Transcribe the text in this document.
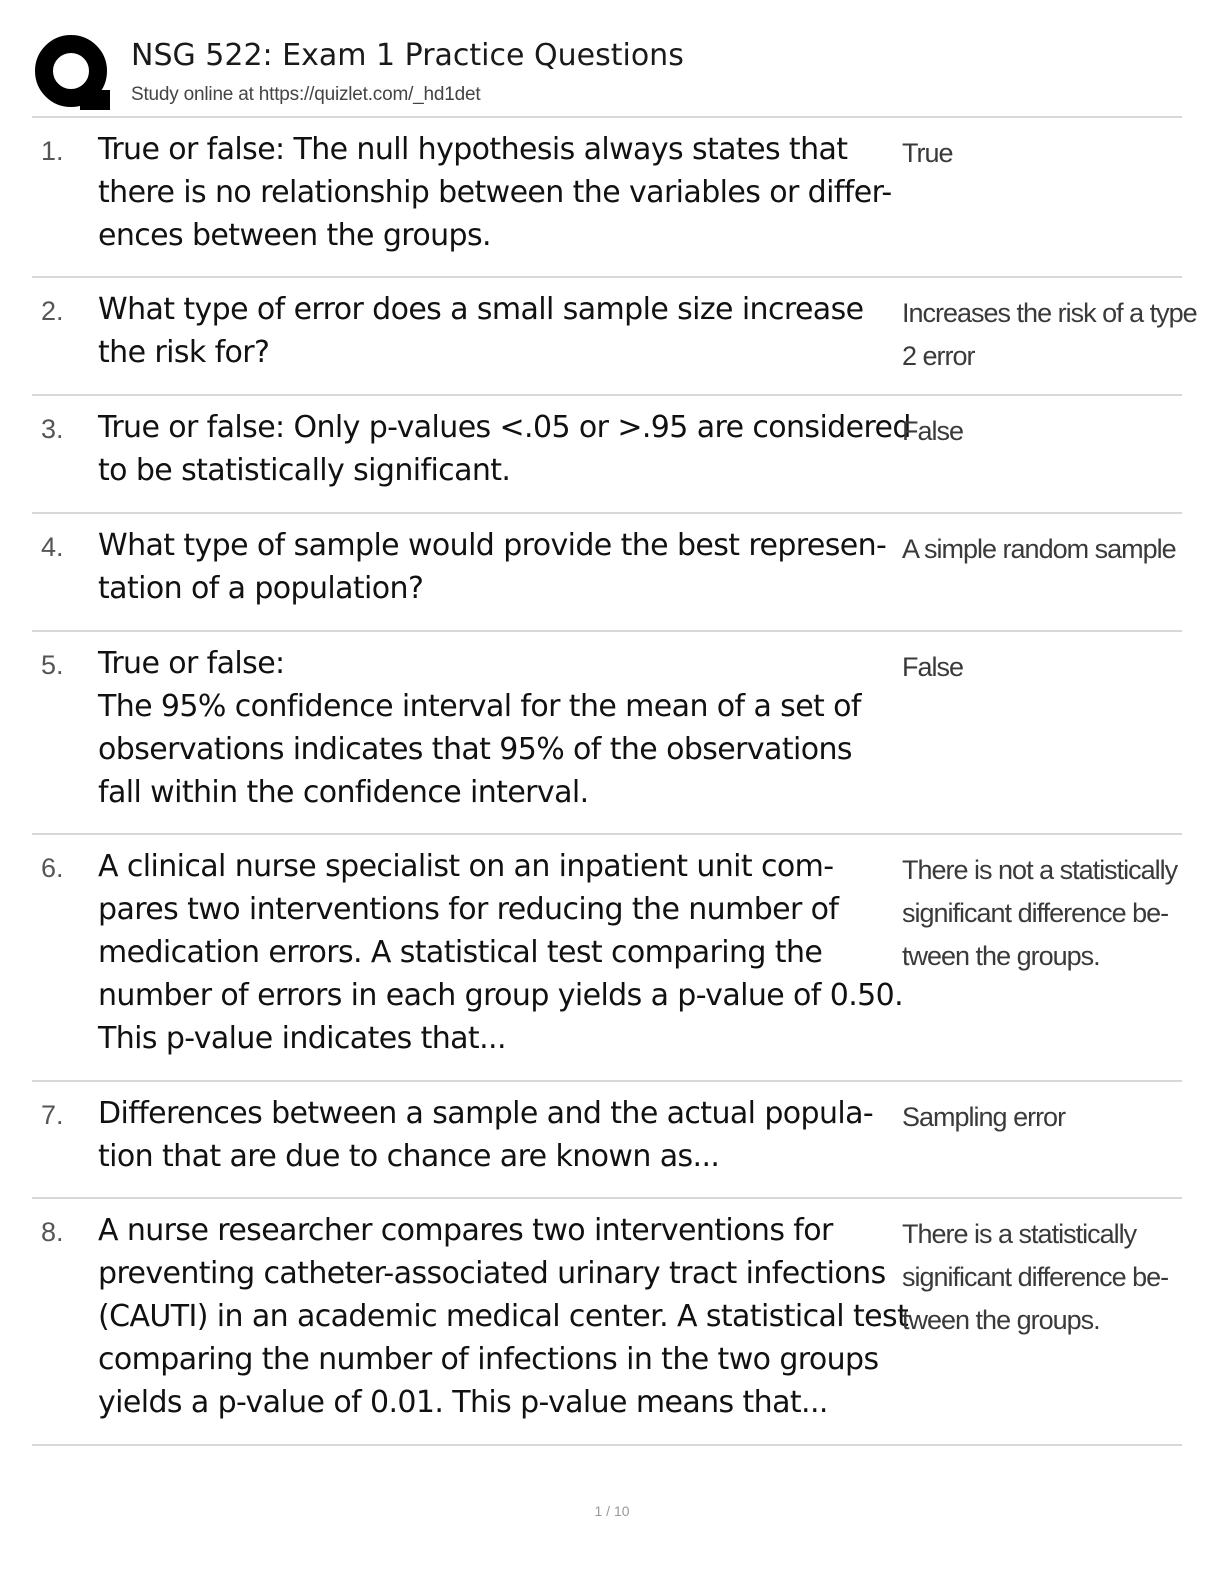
NSG 522: Exam 1 Practice Questions
Study online at https://quizlet.com/_hd1det
1. True or false: The null hypothesis always states that
there is no relationship between the variables or differ-
ences between the groups.
True
2. What type of error does a small sample size increase
the risk for?
Increases the risk of a type
2 error
3. True or false: Only p-values <.05 or >.95 are considered
to be statistically significant.
False
4. What type of sample would provide the best represen-
tation of a population?
A simple random sample
5. True or false:
The 95% confidence interval for the mean of a set of
observations indicates that 95% of the observations
fall within the confidence interval.
False
6. A clinical nurse specialist on an inpatient unit com-
pares two interventions for reducing the number of
medication errors. A statistical test comparing the
number of errors in each group yields a p-value of 0.50.
This p-value indicates that...
There is not a statistically
significant difference be-
tween the groups.
7. Differences between a sample and the actual popula-
tion that are due to chance are known as...
Sampling error
8. A nurse researcher compares two interventions for
preventing catheter-associated urinary tract infections
(CAUTI) in an academic medical center. A statistical test
comparing the number of infections in the two groups
yields a p-value of 0.01. This p-value means that...
There is a statistically
significant difference be-
tween the groups.
1 / 10
